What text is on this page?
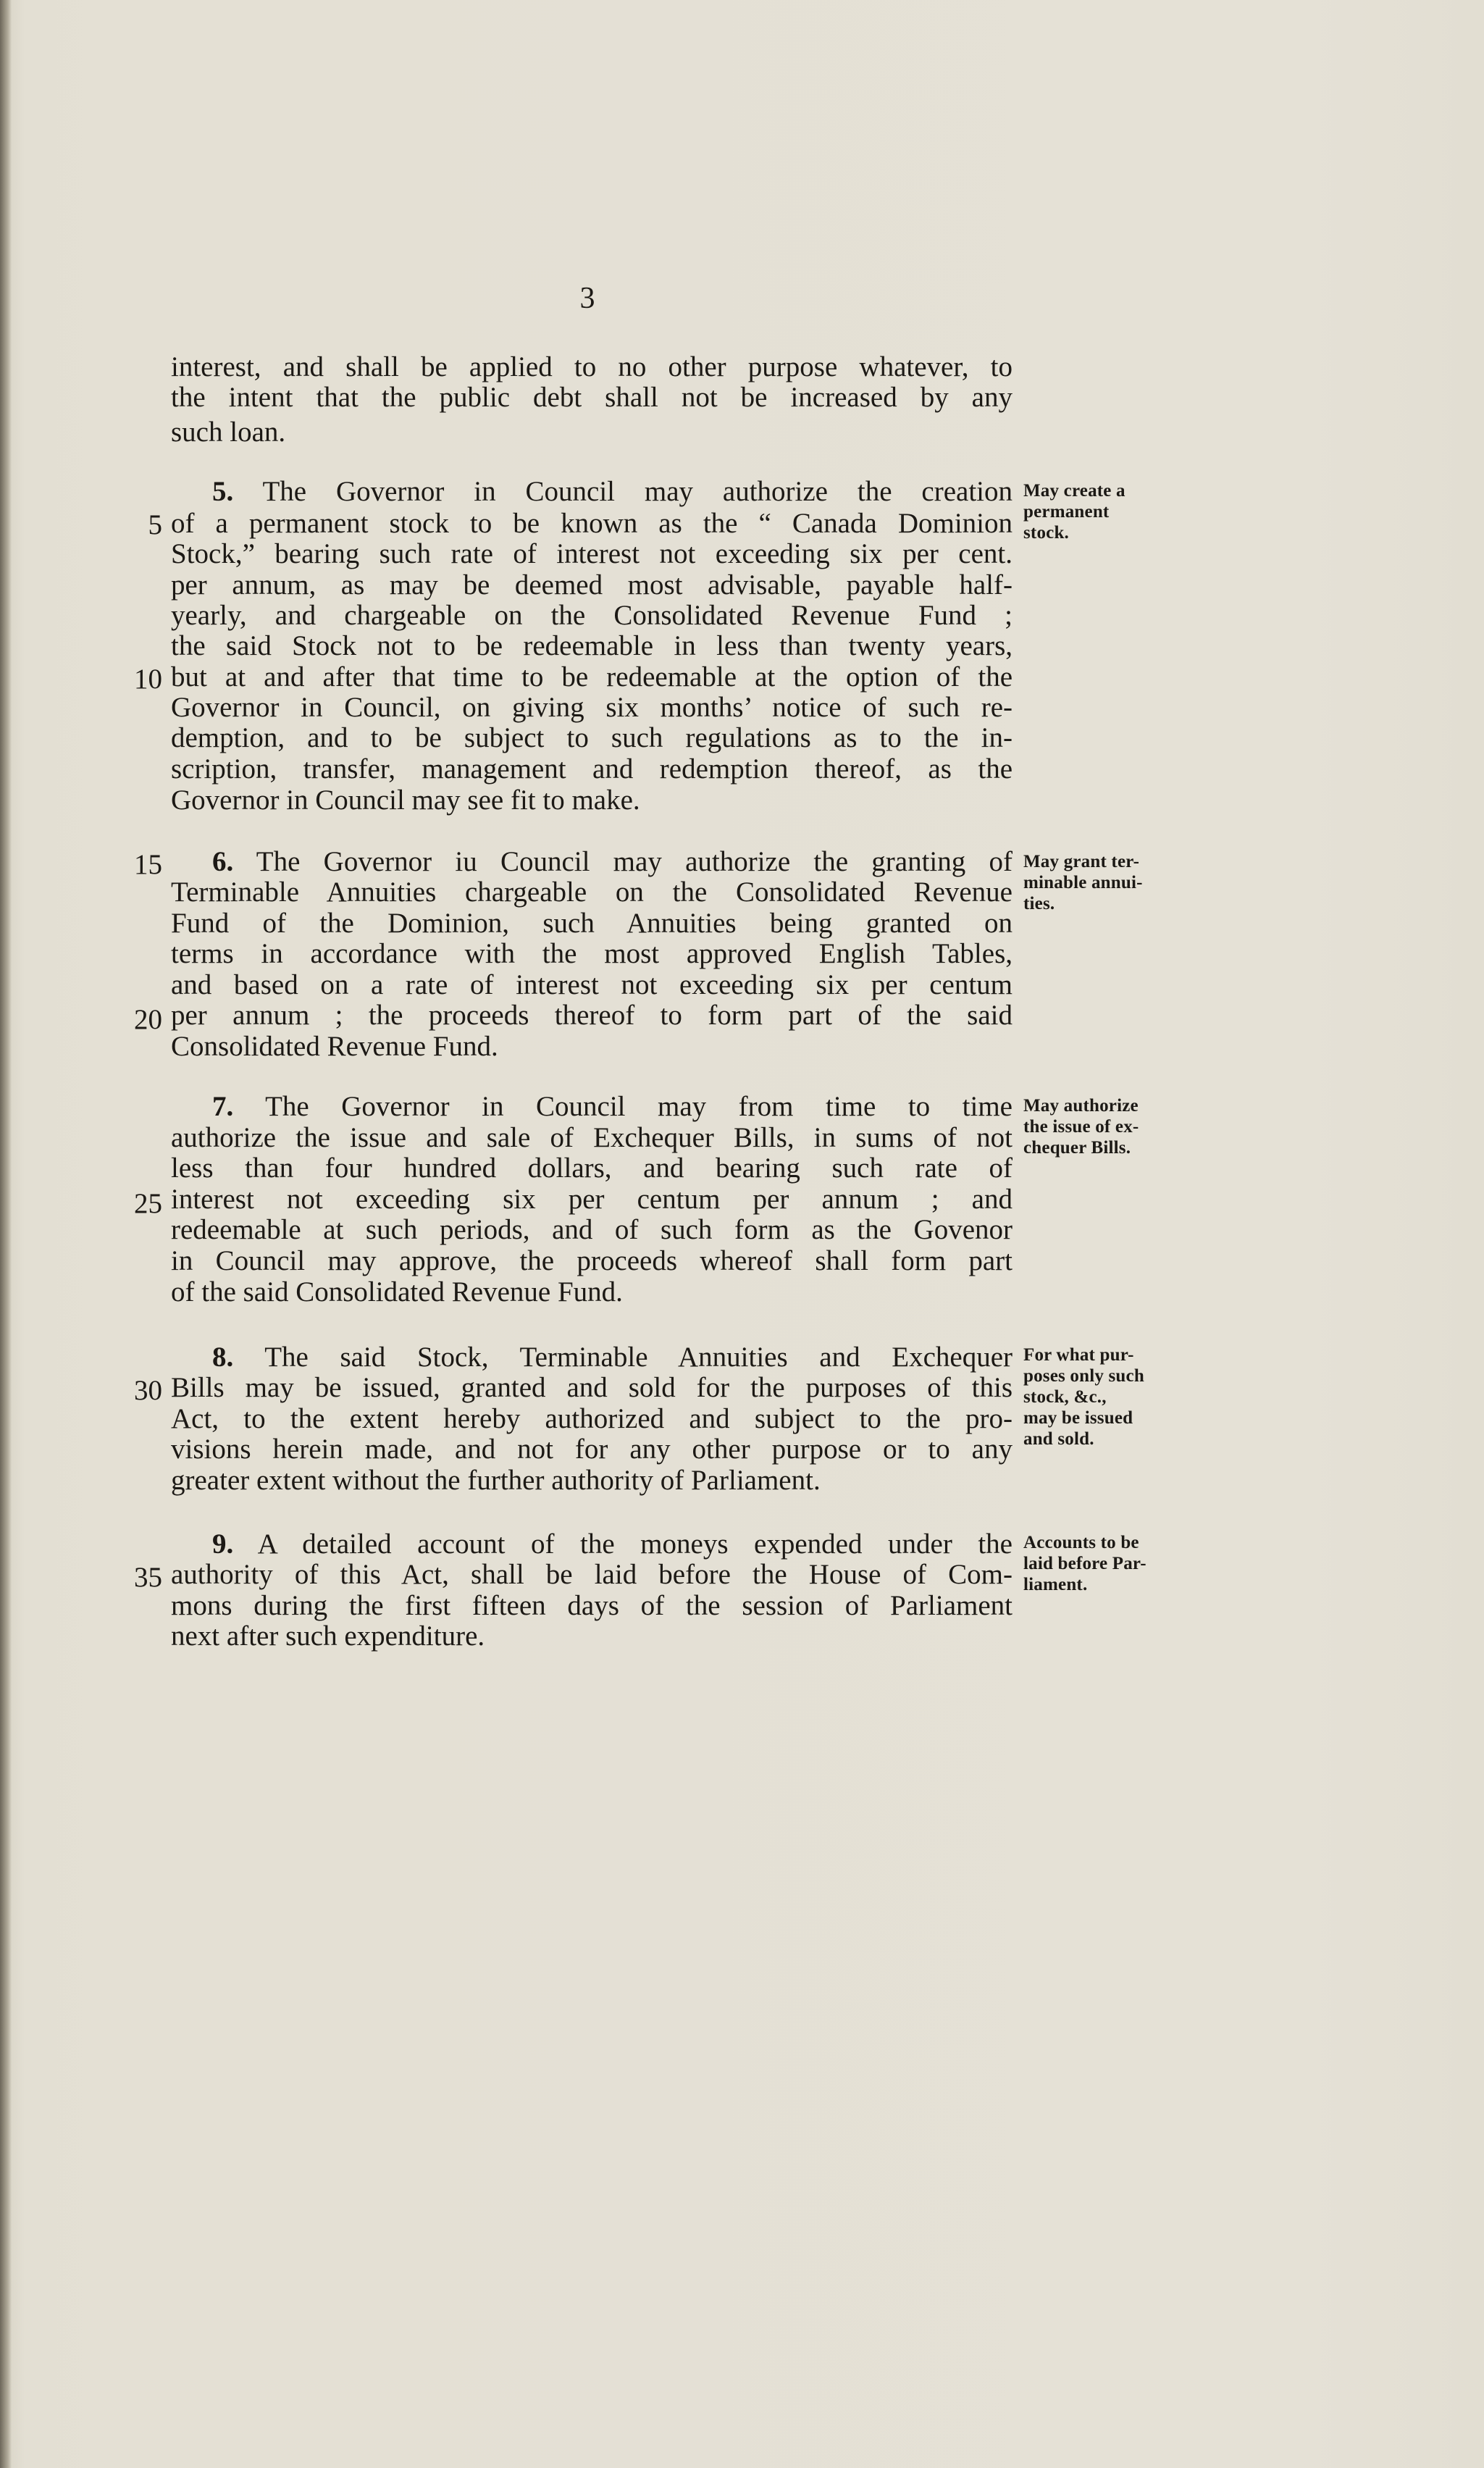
3
interest, and shall be applied to no other purpose whatever, to
the intent that the public debt shall not be increased by any
such loan.
5. The Governor in Council may authorize the creation
of a permanent stock to be known as the “ Canada Dominion
Stock,” bearing such rate of interest not exceeding six per cent.
per annum, as may be deemed most advisable, payable half-
yearly, and chargeable on the Consolidated Revenue Fund ;
the said Stock not to be redeemable in less than twenty years,
but at and after that time to be redeemable at the option of the
Governor in Council, on giving six months’ notice of such re-
demption, and to be subject to such regulations as to the in-
scription, transfer, management and redemption thereof, as the
Governor in Council may see fit to make.
6. The Governor iu Council may authorize the granting of
Terminable Annuities chargeable on the Consolidated Revenue
Fund of the Dominion, such Annuities being granted on
terms in accordance with the most approved English Tables,
and based on a rate of interest not exceeding six per centum
per annum ; the proceeds thereof to form part of the said
Consolidated Revenue Fund.
7. The Governor in Council may from time to time
authorize the issue and sale of Exchequer Bills, in sums of not
less than four hundred dollars, and bearing such rate of
interest not exceeding six per centum per annum ; and
redeemable at such periods, and of such form as the Govenor
in Council may approve, the proceeds whereof shall form part
of the said Consolidated Revenue Fund.
8. The said Stock, Terminable Annuities and Exchequer
Bills may be issued, granted and sold for the purposes of this
Act, to the extent hereby authorized and subject to the pro-
visions herein made, and not for any other purpose or to any
greater extent without the further authority of Parliament.
9. A detailed account of the moneys expended under the
authority of this Act, shall be laid before the House of Com-
mons during the first fifteen days of the session of Parliament
next after such expenditure.
5
10
15
20
25
30
35
May create a
permanent
stock.
May grant ter-
minable annui-
ties.
May authorize
the issue of ex-
chequer Bills.
For what pur-
poses only such
stock, &c.,
may be issued
and sold.
Accounts to be
laid before Par-
liament.
